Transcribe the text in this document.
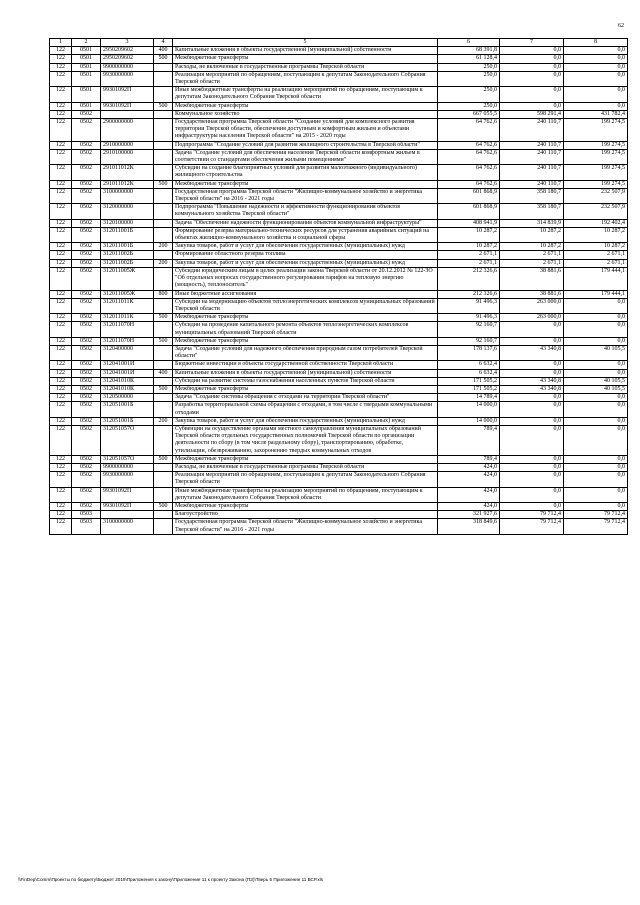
62
1	2	3	4	5	6	7	8
122	0501	2950209602	400	Капитальные вложения в объекты государственной (муниципальной) собственности	68 391,8	0,0	0,0
122	0501	2950209602	500	Межбюджетные трансферты	61 128,4	0,0	0,0
122	0501	9900000000		Расходы, не включенные в государственные программы Тверской области	250,0	0,0	0,0
122	0501	9930000000		Реализация мероприятий по обращениям, поступающим к депутатам Законодательного Собрания Тверской области	250,0	0,0	0,0
122	0501	99301092П		Иные межбюджетные трансферты на реализацию мероприятий по обращениям, поступающим к депутатам Законодательного Собрания Тверской области	250,0	0,0	0,0
122	0501	99301092П	500	Межбюджетные трансферты	250,0	0,0	0,0
122	0502			Коммунальное хозяйство	667 055,5	598 291,4	431 782,4
122	0502	2900000000		Государственная программа Тверской области "Создание условий для комплексного развития территории Тверской области, обеспечения доступным и комфортным жильем и объектами инфраструктуры населения Тверской области" на 2015 - 2020 годы	64 762,6	240 110,7	199 274,5
122	0502	2910000000		Подпрограмма "Создание условий для развития жилищного строительства в Тверской области"	64 762,6	240 110,7	199 274,5
122	0502	2910100000		Задача "Создание условий для обеспечения населения Тверской области комфортным жильем в соответствии со стандартами обеспечения жилыми помещениями"	64 762,6	240 110,7	199 274,5
122	0502	291011012К		Субсидии на создание благоприятных условий для развития малоэтажного (индивидуального) жилищного строительства	64 762,6	240 110,7	199 274,5
122	0502	291011012К	500	Межбюджетные трансферты	64 762,6	240 110,7	199 274,5
122	0502	3100000000		Государственная программа Тверской области "Жилищно-коммунальное хозяйство и энергетика Тверской области" на 2016 - 2021 годы	601 868,9	358 180,7	232 507,9
122	0502	3120000000		Подпрограмма "Повышение надежности и эффективности функционирования объектов коммунального хозяйства Тверской области"	601 868,9	358 180,7	232 507,9
122	0502	3120100000		Задача "Обеспечение надежности функционирования объектов коммунальной инфраструктуры"	408 941,9	314 839,9	192 402,4
122	0502	312011001Б		Формирование резерва материально-технических ресурсов для устранения аварийных ситуаций на объектах жилищно-коммунального хозяйства и социальной сферы	10 287,2	10 287,2	10 287,2
122	0502	312011001Б	200	Закупка товаров, работ и услуг для обеспечения государственных (муниципальных) нужд	10 287,2	10 287,2	10 287,2
122	0502	312011002Б		Формирование областного резерва топлива	2 671,1	2 671,1	2 671,1
122	0502	312011002Б	200	Закупка товаров, работ и услуг для обеспечения государственных (муниципальных) нужд	2 671,1	2 671,1	2 671,1
122	0502	312011005Ж		Субсидии юридическим лицам в целях реализации закона Тверской области от 20.12.2012 № 122-ЗО "Об отдельных вопросах государственного регулирования тарифов на тепловую энергию (мощность), теплоноситель"	212 326,6	38 881,6	179 444,1
122	0502	312011005Ж	800	Иные бюджетные ассигнования	212 326,6	38 881,6	179 444,1
122	0502	312011011К		Субсидии на модернизацию объектов теплоэнергетических комплексов муниципальных образований Тверской области	91 496,3	263 000,0	0,0
122	0502	312011011К	500	Межбюджетные трансферты	91 496,3	263 000,0	0,0
122	0502	312011070Н		Субсидии на проведение капитального ремонта объектов теплоэнергетических комплексов муниципальных образований Тверской области	92 160,7	0,0	0,0
122	0502	312011070Н	500	Межбюджетные трансферты	92 160,7	0,0	0,0
122	0502	3120400000		Задача "Создание условий для надежного обеспечения природным газом потребителей Тверской области"	178 137,6	43 340,8	40 105,5
122	0502	312041001И		Бюджетные инвестиции в объекты государственной собственности Тверской области	6 632,4	0,0	0,0
122	0502	312041001И	400	Капитальные вложения в объекты государственной (муниципальной) собственности	6 632,4	0,0	0,0
122	0502	312041010К		Субсидии на развитие системы газоснабжения населенных пунктов Тверской области	171 505,2	43 340,8	40 105,5
122	0502	312041010К	500	Межбюджетные трансферты	171 505,2	43 340,8	40 105,5
122	0502	3120500000		Задача "Создание системы обращения с отходами на территории Тверской области"	14 789,4	0,0	0,0
122	0502	312051001Б		Разработка территориальной схемы обращения с отходами, в том числе с твердыми коммунальными отходами	14 000,0	0,0	0,0
122	0502	312051001Б	200	Закупка товаров, работ и услуг для обеспечения государственных (муниципальных) нужд	14 000,0	0,0	0,0
122	0502	312051057О		Субвенции на осуществление органами местного самоуправления муниципальных образований Тверской области отдельных государственных полномочий Тверской области по организации деятельности по сбору (в том числе раздельному сбору), транспортированию, обработке, утилизации, обезвреживанию, захоронению твердых коммунальных отходов	789,4	0,0	0,0
122	0502	312051057О	500	Межбюджетные трансферты	789,4	0,0	0,0
122	0502	9900000000		Расходы, не включенные в государственные программы Тверской области	424,0	0,0	0,0
122	0502	9930000000		Реализация мероприятий по обращениям, поступающим к депутатам Законодательного Собрания Тверской области	424,0	0,0	0,0
122	0502	99301092П		Иные межбюджетные трансферты на реализацию мероприятий по обращениям, поступающим к депутатам Законодательного Собрания Тверской области	424,0	0,0	0,0
122	0502	99301092П	500	Межбюджетные трансферты	424,0	0,0	0,0
122	0503			Благоустройство	321 927,6	79 712,4	79 712,4
122	0503	3100000000		Государственная программа Тверской области "Жилищно-коммунальное хозяйство и энергетика Тверской области" на 2016 - 2021 годы	318 849,6	79 712,4	79 712,4
\\FinDep\Comm\Проекты по бюджету\Бюджет 2019\Приложения к закону\Приложение 11 к проекту Закона (ПЗ)\Тверь 5 Приложение 11 ВСР.xls
